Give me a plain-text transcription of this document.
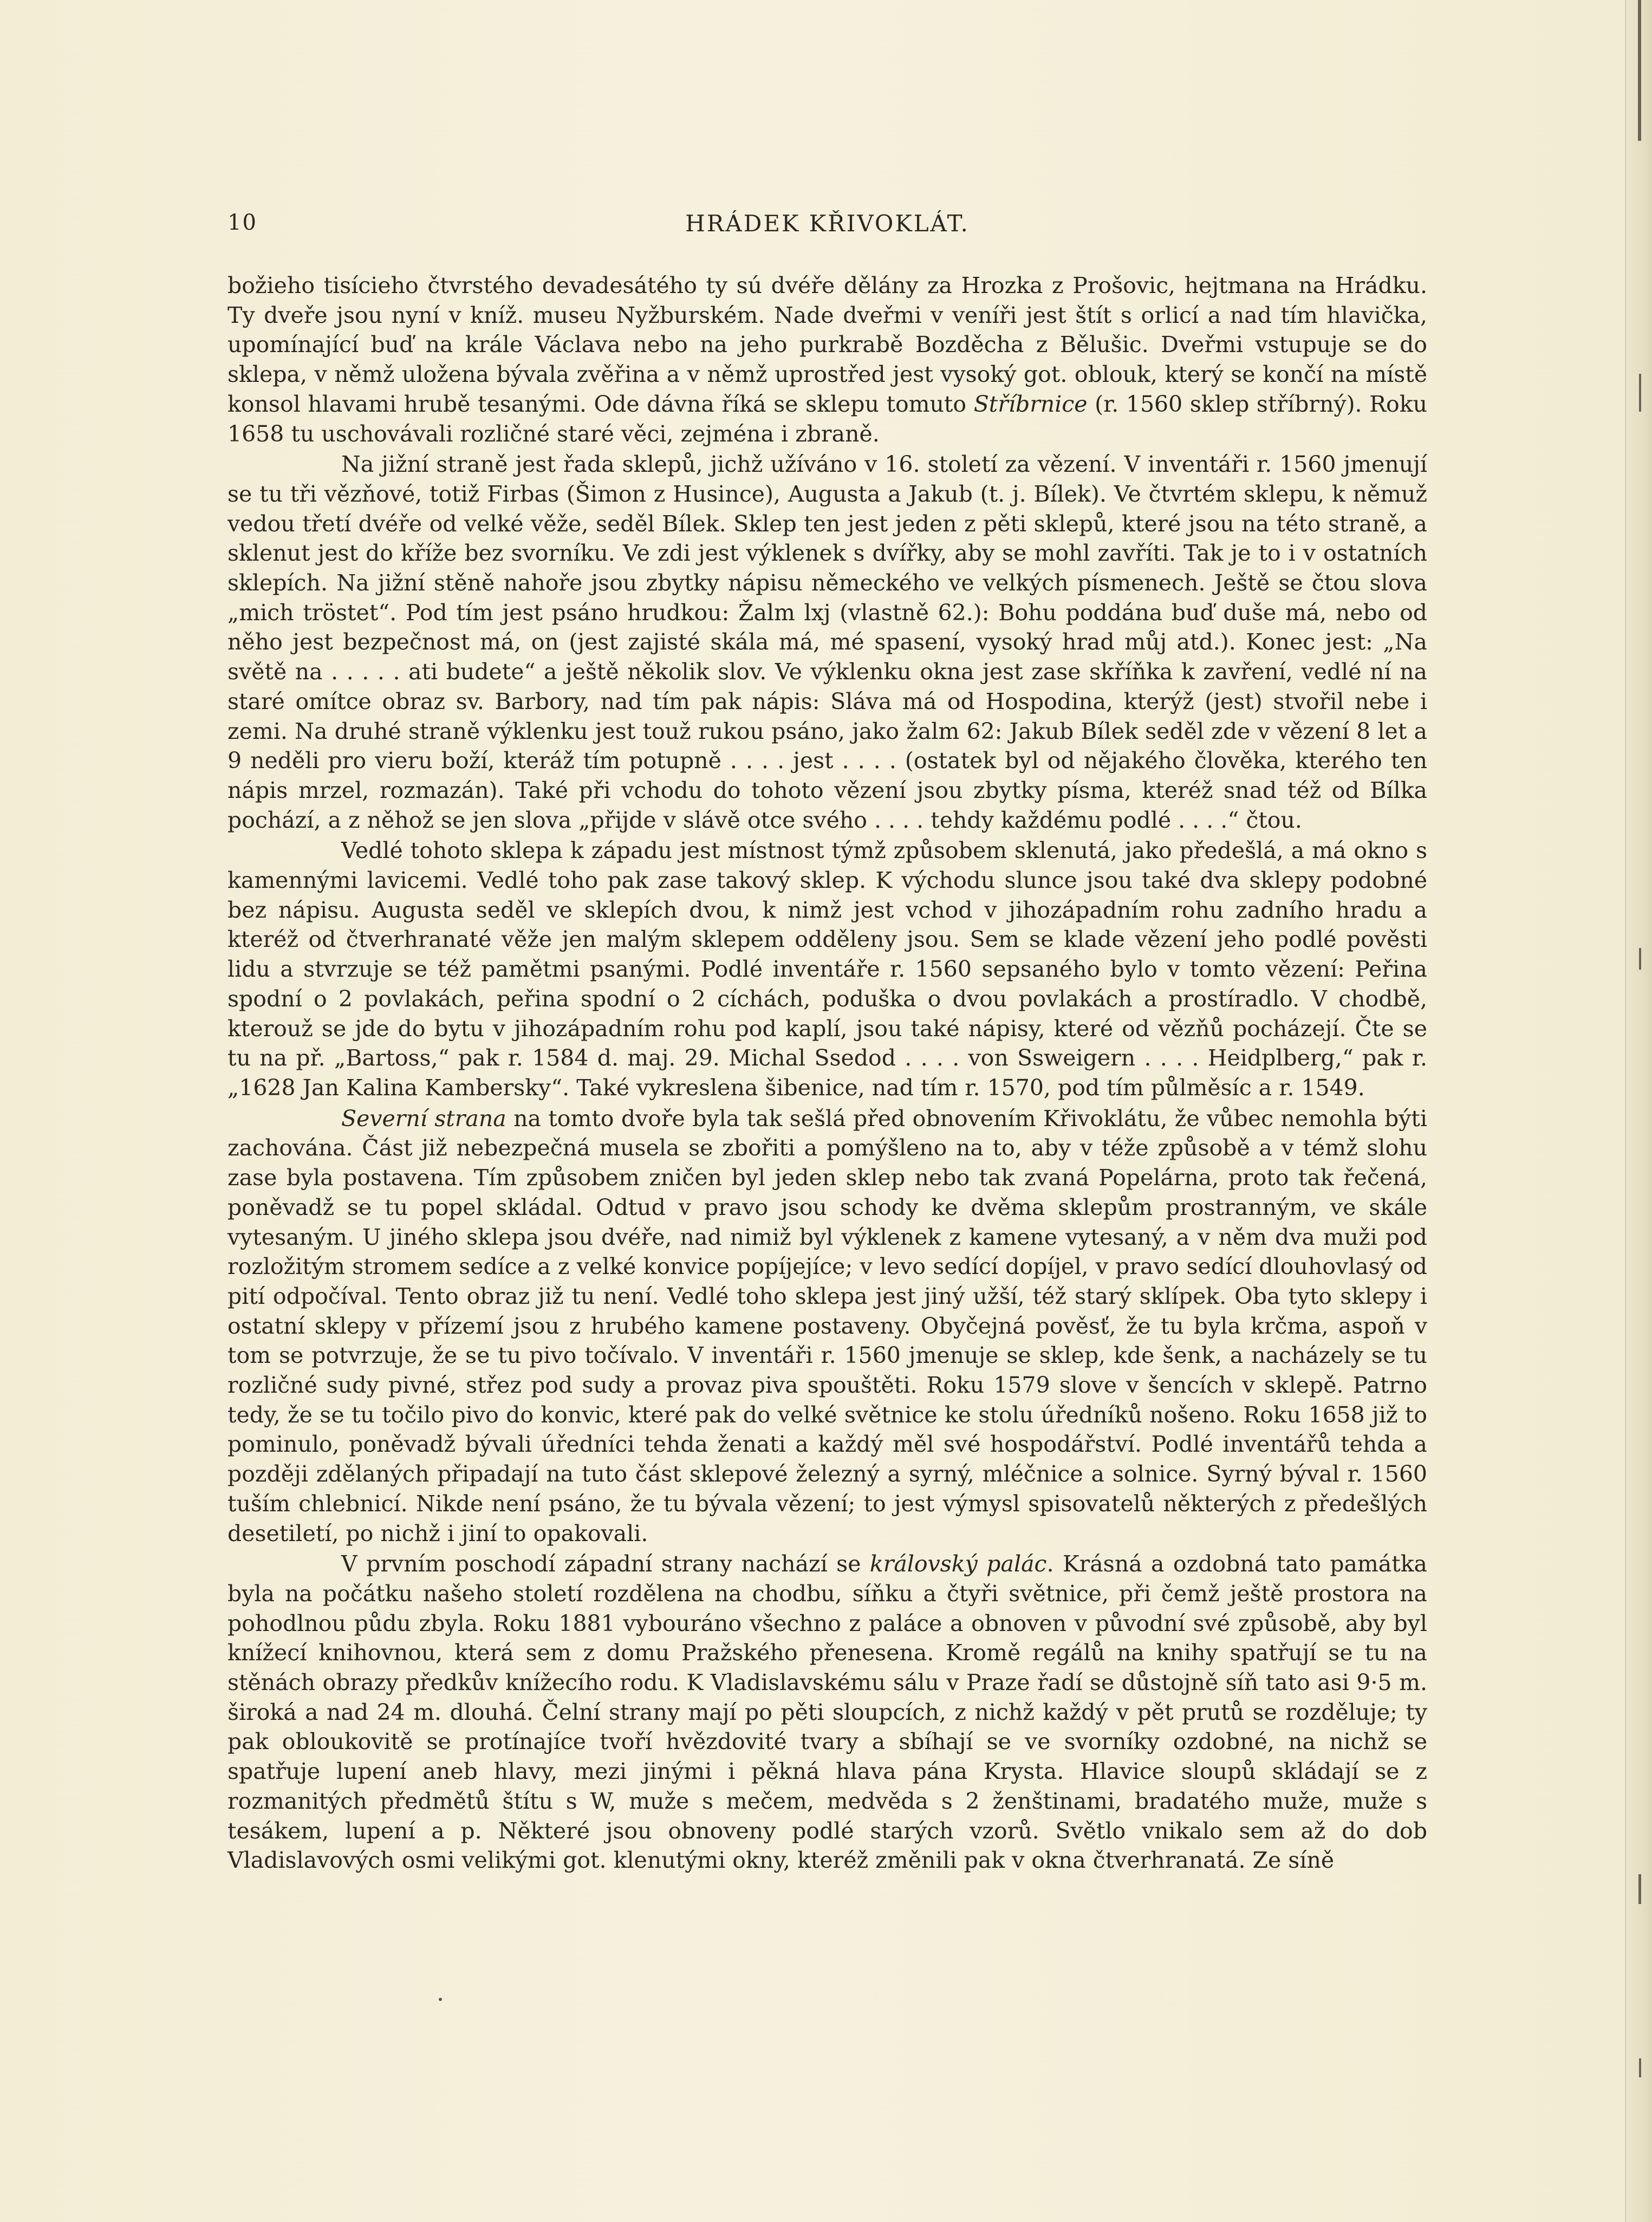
10	HRÁDEK KŘIVOKLÁT.

božieho tisícieho čtvrstého devadesátého ty sú dvéře dělány za Hrozka z Prošovic, hejtmana na Hrádku. Ty dveře jsou nyní v kníž. museu Nyžburském. Nade dveřmi v veníři jest štít s orlicí a nad tím hlavička, upomínající buď na krále Václava nebo na jeho purkrabě Bozděcha z Bělušic. Dveřmi vstupuje se do sklepa, v němž uložena bývala zvěřina a v němž uprostřed jest vysoký got. oblouk, který se končí na místě konsol hlavami hrubě tesanými. Ode dávna říká se sklepu tomuto Stříbrnice (r. 1560 sklep stříbrný). Roku 1658 tu uschovávali rozličné staré věci, zejména i zbraně.

Na jižní straně jest řada sklepů, jichž užíváno v 16. století za vězení. V inventáři r. 1560 jmenují se tu tři vězňové, totiž Firbas (Šimon z Husince), Augusta a Jakub (t. j. Bílek). Ve čtvrtém sklepu, k němuž vedou třetí dvéře od velké věže, seděl Bílek. Sklep ten jest jeden z pěti sklepů, které jsou na této straně, a sklenut jest do kříže bez svorníku. Ve zdi jest výklenek s dvířky, aby se mohl zavříti. Tak je to i v ostatních sklepích. Na jižní stěně nahoře jsou zbytky nápisu německého ve velkých písmenech. Ještě se čtou slova „mich tröstet“. Pod tím jest psáno hrudkou: Žalm lxj (vlastně 62.): Bohu poddána buď duše má, nebo od něho jest bezpečnost má, on (jest zajisté skála má, mé spasení, vysoký hrad můj atd.). Konec jest: „Na světě na . . . . . ati budete“ a ještě několik slov. Ve výklenku okna jest zase skříňka k zavření, vedlé ní na staré omítce obraz sv. Barbory, nad tím pak nápis: Sláva má od Hospodina, kterýž (jest) stvořil nebe i zemi. Na druhé straně výklenku jest touž rukou psáno, jako žalm 62: Jakub Bílek seděl zde v vězení 8 let a 9 neděli pro vieru boží, kteráž tím potupně . . . . jest . . . . (ostatek byl od nějakého člověka, kterého ten nápis mrzel, rozmazán). Také při vchodu do tohoto vězení jsou zbytky písma, kteréž snad též od Bílka pochází, a z něhož se jen slova „přijde v slávě otce svého . . . . tehdy každému podlé . . . .“ čtou.

Vedlé tohoto sklepa k západu jest místnost týmž způsobem sklenutá, jako předešlá, a má okno s kamennými lavicemi. Vedlé toho pak zase takový sklep. K východu slunce jsou také dva sklepy podobné bez nápisu. Augusta seděl ve sklepích dvou, k nimž jest vchod v jihozápadním rohu zadního hradu a kteréž od čtverhranaté věže jen malým sklepem odděleny jsou. Sem se klade vězení jeho podlé pověsti lidu a stvrzuje se též pamětmi psanými. Podlé inventáře r. 1560 sepsaného bylo v tomto vězení: Peřina spodní o 2 povlakách, peřina spodní o 2 cíchách, poduška o dvou povlakách a prostíradlo. V chodbě, kterouž se jde do bytu v jihozápadním rohu pod kaplí, jsou také nápisy, které od vězňů pocházejí. Čte se tu na př. „Bartoss,“ pak r. 1584 d. maj. 29. Michal Ssedod . . . . von Ssweigern . . . . Heidplberg,“ pak r. „1628 Jan Kalina Kambersky“. Také vykreslena šibenice, nad tím r. 1570, pod tím půlměsíc a r. 1549.

Severní strana na tomto dvoře byla tak sešlá před obnovením Křivoklátu, že vůbec nemohla býti zachována. Část již nebezpečná musela se zbořiti a pomýšleno na to, aby v téže způsobě a v témž slohu zase byla postavena. Tím způsobem zničen byl jeden sklep nebo tak zvaná Popelárna, proto tak řečená, poněvadž se tu popel skládal. Odtud v pravo jsou schody ke dvěma sklepům prostranným, ve skále vytesaným. U jiného sklepa jsou dvéře, nad nimiž byl výklenek z kamene vytesaný, a v něm dva muži pod rozložitým stromem sedíce a z velké konvice popíjejíce; v levo sedící dopíjel, v pravo sedící dlouhovlasý od pití odpočíval. Tento obraz již tu není. Vedlé toho sklepa jest jiný užší, též starý sklípek. Oba tyto sklepy i ostatní sklepy v přízemí jsou z hrubého kamene postaveny. Obyčejná pověsť, že tu byla krčma, aspoň v tom se potvrzuje, že se tu pivo točívalo. V inventáři r. 1560 jmenuje se sklep, kde šenk, a nacházely se tu rozličné sudy pivné, střez pod sudy a provaz piva spouštěti. Roku 1579 slove v šencích v sklepě. Patrno tedy, že se tu točilo pivo do konvic, které pak do velké světnice ke stolu úředníků nošeno. Roku 1658 již to pominulo, poněvadž bývali úředníci tehda ženati a každý měl své hospodářství. Podlé inventářů tehda a později zdělaných připadají na tuto část sklepové železný a syrný, mléčnice a solnice. Syrný býval r. 1560 tuším chlebnicí. Nikde není psáno, že tu bývala vězení; to jest výmysl spisovatelů některých z předešlých desetiletí, po nichž i jiní to opakovali.

V prvním poschodí západní strany nachází se královský palác. Krásná a ozdobná tato památka byla na počátku našeho století rozdělena na chodbu, síňku a čtyři světnice, při čemž ještě prostora na pohodlnou půdu zbyla. Roku 1881 vybouráno všechno z paláce a obnoven v původní své způsobě, aby byl knížecí knihovnou, která sem z domu Pražského přenesena. Kromě regálů na knihy spatřují se tu na stěnách obrazy předkův knížecího rodu. K Vladislavskému sálu v Praze řadí se důstojně síň tato asi 9·5 m. široká a nad 24 m. dlouhá. Čelní strany mají po pěti sloupcích, z nichž každý v pět prutů se rozděluje; ty pak obloukovitě se protínajíce tvoří hvězdovité tvary a sbíhají se ve svorníky ozdobné, na nichž se spatřuje lupení aneb hlavy, mezi jinými i pěkná hlava pána Krysta. Hlavice sloupů skládají se z rozmanitých předmětů štítu s W, muže s mečem, medvěda s 2 ženštinami, bradatého muže, muže s tesákem, lupení a p. Některé jsou obnoveny podlé starých vzorů. Světlo vnikalo sem až do dob Vladislavových osmi velikými got. klenutými okny, kteréž změnili pak v okna čtverhranatá. Ze síně
